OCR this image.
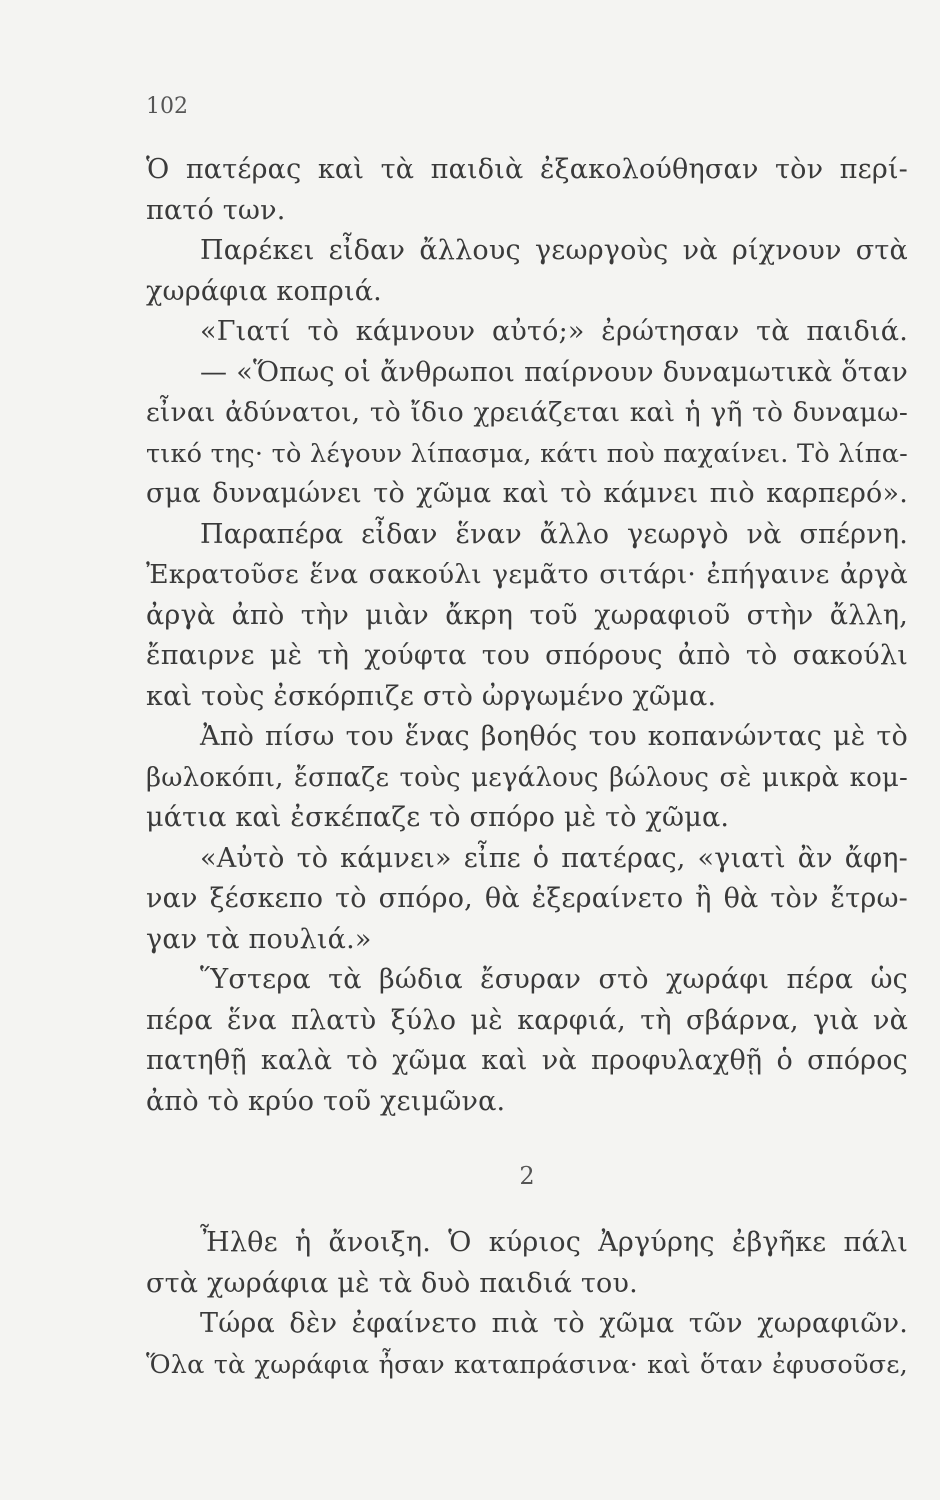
102
Ὁ πατέρας καὶ τὰ παιδιὰ ἐξακολούθησαν τὸν περί-
πατό των.
Παρέκει εἶδαν ἄλλους γεωργοὺς νὰ ρίχνουν στὰ
χωράφια κοπριά.
«Γιατί τὸ κάμνουν αὐτό;» ἐρώτησαν τὰ παιδιά.
— «Ὅπως οἱ ἄνθρωποι παίρνουν δυναμωτικὰ ὅταν
εἶναι ἀδύνατοι, τὸ ἴδιο χρειάζεται καὶ ἡ γῆ τὸ δυναμω-
τικό της· τὸ λέγουν λίπασμα, κάτι ποὺ παχαίνει. Τὸ λίπα-
σμα δυναμώνει τὸ χῶμα καὶ τὸ κάμνει πιὸ καρπερό».
Παραπέρα εἶδαν ἕναν ἄλλο γεωργὸ νὰ σπέρνη.
Ἐκρατοῦσε ἕνα σακούλι γεμᾶτο σιτάρι· ἐπήγαινε ἀργὰ
ἀργὰ ἀπὸ τὴν μιὰν ἄκρη τοῦ χωραφιοῦ στὴν ἄλλη,
ἔπαιρνε μὲ τὴ χούφτα του σπόρους ἀπὸ τὸ σακούλι
καὶ τοὺς ἐσκόρπιζε στὸ ὠργωμένο χῶμα.
Ἀπὸ πίσω του ἕνας βοηθός του κοπανώντας μὲ τὸ
βωλοκόπι, ἔσπαζε τοὺς μεγάλους βώλους σὲ μικρὰ κομ-
μάτια καὶ ἐσκέπαζε τὸ σπόρο μὲ τὸ χῶμα.
«Αὐτὸ τὸ κάμνει» εἶπε ὁ πατέρας, «γιατὶ ἂν ἄφη-
ναν ξέσκεπο τὸ σπόρο, θὰ ἐξεραίνετο ἢ θὰ τὸν ἔτρω-
γαν τὰ πουλιά.»
Ὕστερα τὰ βώδια ἔσυραν στὸ χωράφι πέρα ὡς
πέρα ἕνα πλατὺ ξύλο μὲ καρφιά, τὴ σβάρνα, γιὰ νὰ
πατηθῇ καλὰ τὸ χῶμα καὶ νὰ προφυλαχθῇ ὁ σπόρος
ἀπὸ τὸ κρύο τοῦ χειμῶνα.
2
Ἦλθε ἡ ἄνοιξη. Ὁ κύριος Ἀργύρης ἐβγῆκε πάλι
στὰ χωράφια μὲ τὰ δυὸ παιδιά του.
Τώρα δὲν ἐφαίνετο πιὰ τὸ χῶμα τῶν χωραφιῶν.
Ὅλα τὰ χωράφια ἦσαν καταπράσινα· καὶ ὅταν ἐφυσοῦσε,
